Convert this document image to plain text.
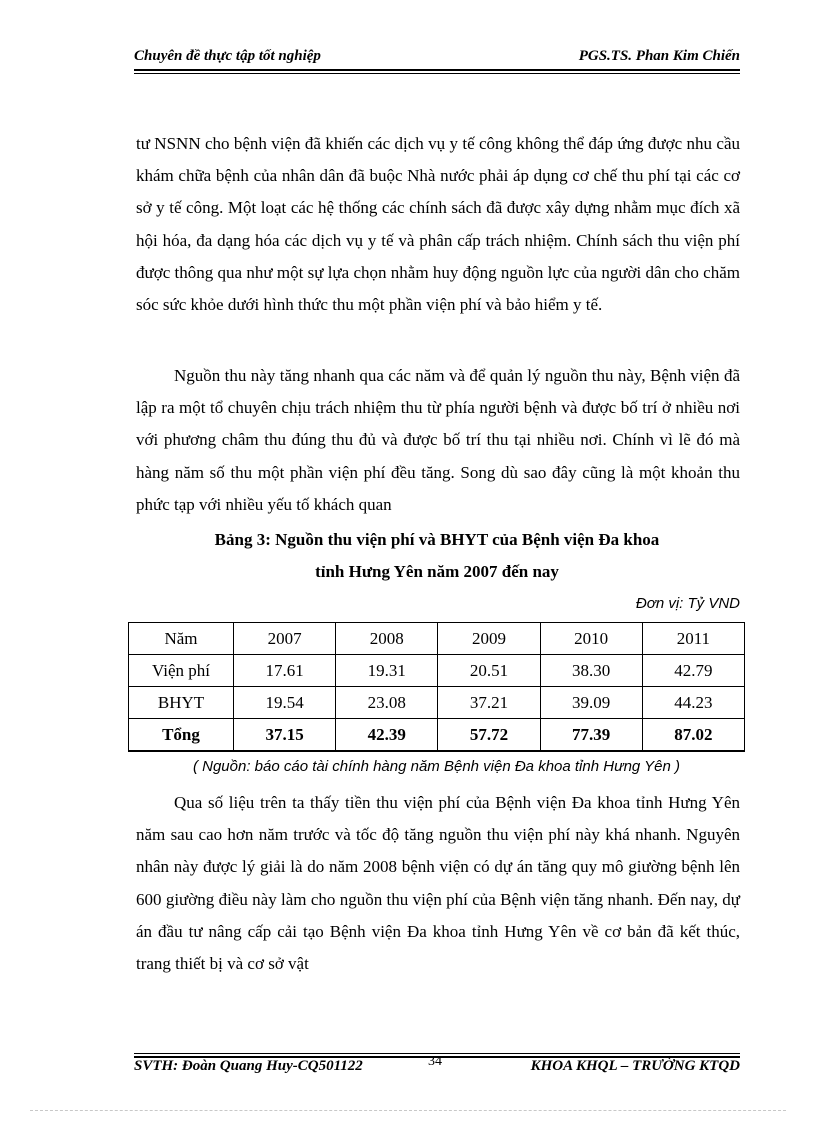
Chuyên đề thực tập tốt nghiệp	PGS.TS. Phan Kim Chiến
tư NSNN cho bệnh viện đã khiến các dịch vụ y tế công không thể đáp ứng được nhu cầu khám chữa bệnh của nhân dân đã buộc Nhà nước phải áp dụng cơ chế thu phí tại các cơ sở y tế công. Một loạt các hệ thống các chính sách đã được xây dựng nhằm mục đích xã hội hóa, đa dạng hóa các dịch vụ y tế và phân cấp trách nhiệm. Chính sách thu viện phí được thông qua như một sự lựa chọn nhằm huy động nguồn lực của người dân cho chăm sóc sức khỏe dưới hình thức thu một phần viện phí và bảo hiểm y tế.
Nguồn thu này tăng nhanh qua các năm và để quản lý nguồn thu này, Bệnh viện đã lập ra một tổ chuyên chịu trách nhiệm thu từ phía người bệnh và được bố trí ở nhiều nơi với phương châm thu đúng thu đủ và được bố trí thu tại nhiều nơi. Chính vì lẽ đó mà hàng năm số thu một phần viện phí đều tăng. Song dù sao đây cũng là một khoản thu phức tạp với nhiều yếu tố khách quan
Bảng 3: Nguồn thu viện phí và BHYT của Bệnh viện Đa khoa
tỉnh Hưng Yên năm 2007 đến nay
Đơn vị: Tỷ VND
Năm	2007	2008	2009	2010	2011
Viện phí	17.61	19.31	20.51	38.30	42.79
BHYT	19.54	23.08	37.21	39.09	44.23
Tổng	37.15	42.39	57.72	77.39	87.02
( Nguồn: báo cáo tài chính hàng năm Bệnh viện Đa khoa tỉnh Hưng Yên )
Qua số liệu trên ta thấy tiền thu viện phí của Bệnh viện Đa khoa tỉnh Hưng Yên năm sau cao hơn năm trước và tốc độ tăng nguồn thu viện phí này khá nhanh. Nguyên nhân này được lý giải là do năm 2008 bệnh viện có dự án tăng quy mô giường bệnh lên 600 giường điều này làm cho nguồn thu viện phí của Bệnh viện tăng nhanh. Đến nay, dự án đầu tư nâng cấp cải tạo Bệnh viện Đa khoa tỉnh Hưng Yên về cơ bản đã kết thúc, trang thiết bị và cơ sở vật
SVTH: Đoàn Quang Huy-CQ501122	34	KHOA KHQL – TRƯỜNG KTQD
